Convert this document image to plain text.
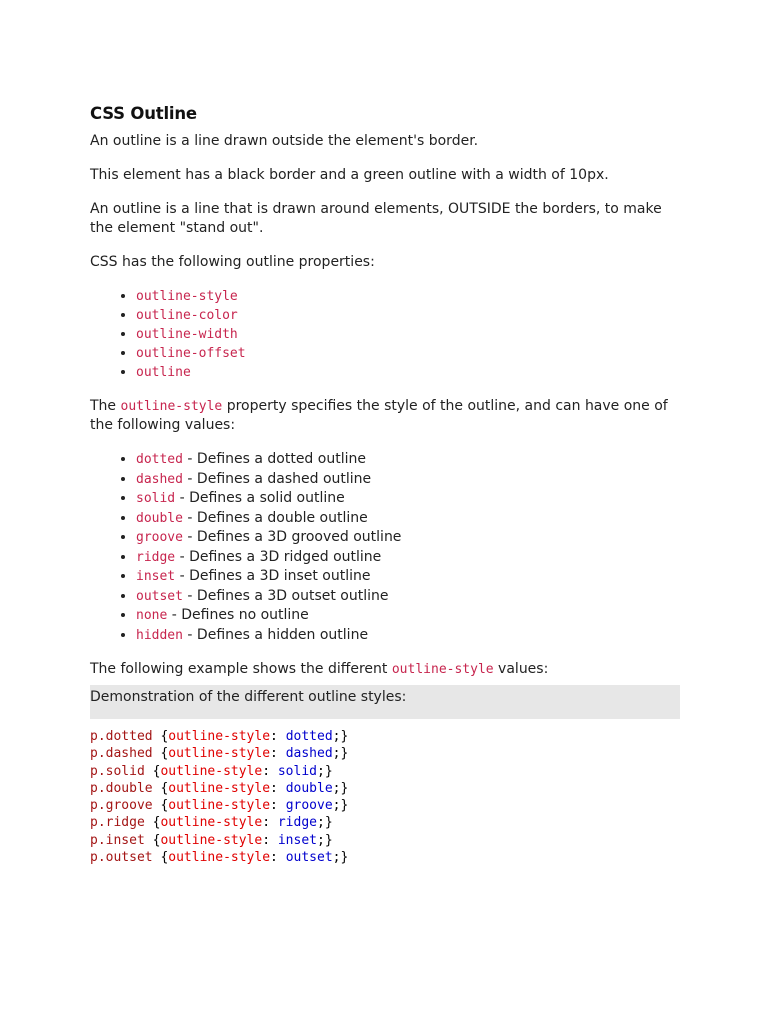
CSS Outline

An outline is a line drawn outside the element's border.

This element has a black border and a green outline with a width of 10px.

An outline is a line that is drawn around elements, OUTSIDE the borders, to make the element "stand out".

CSS has the following outline properties:

• outline-style
• outline-color
• outline-width
• outline-offset
• outline

The outline-style property specifies the style of the outline, and can have one of the following values:

• dotted - Defines a dotted outline
• dashed - Defines a dashed outline
• solid - Defines a solid outline
• double - Defines a double outline
• groove - Defines a 3D grooved outline
• ridge - Defines a 3D ridged outline
• inset - Defines a 3D inset outline
• outset - Defines a 3D outset outline
• none - Defines no outline
• hidden - Defines a hidden outline

The following example shows the different outline-style values:

Demonstration of the different outline styles:
p.dotted {outline-style: dotted;}
p.dashed {outline-style: dashed;}
p.solid {outline-style: solid;}
p.double {outline-style: double;}
p.groove {outline-style: groove;}
p.ridge {outline-style: ridge;}
p.inset {outline-style: inset;}
p.outset {outline-style: outset;}
